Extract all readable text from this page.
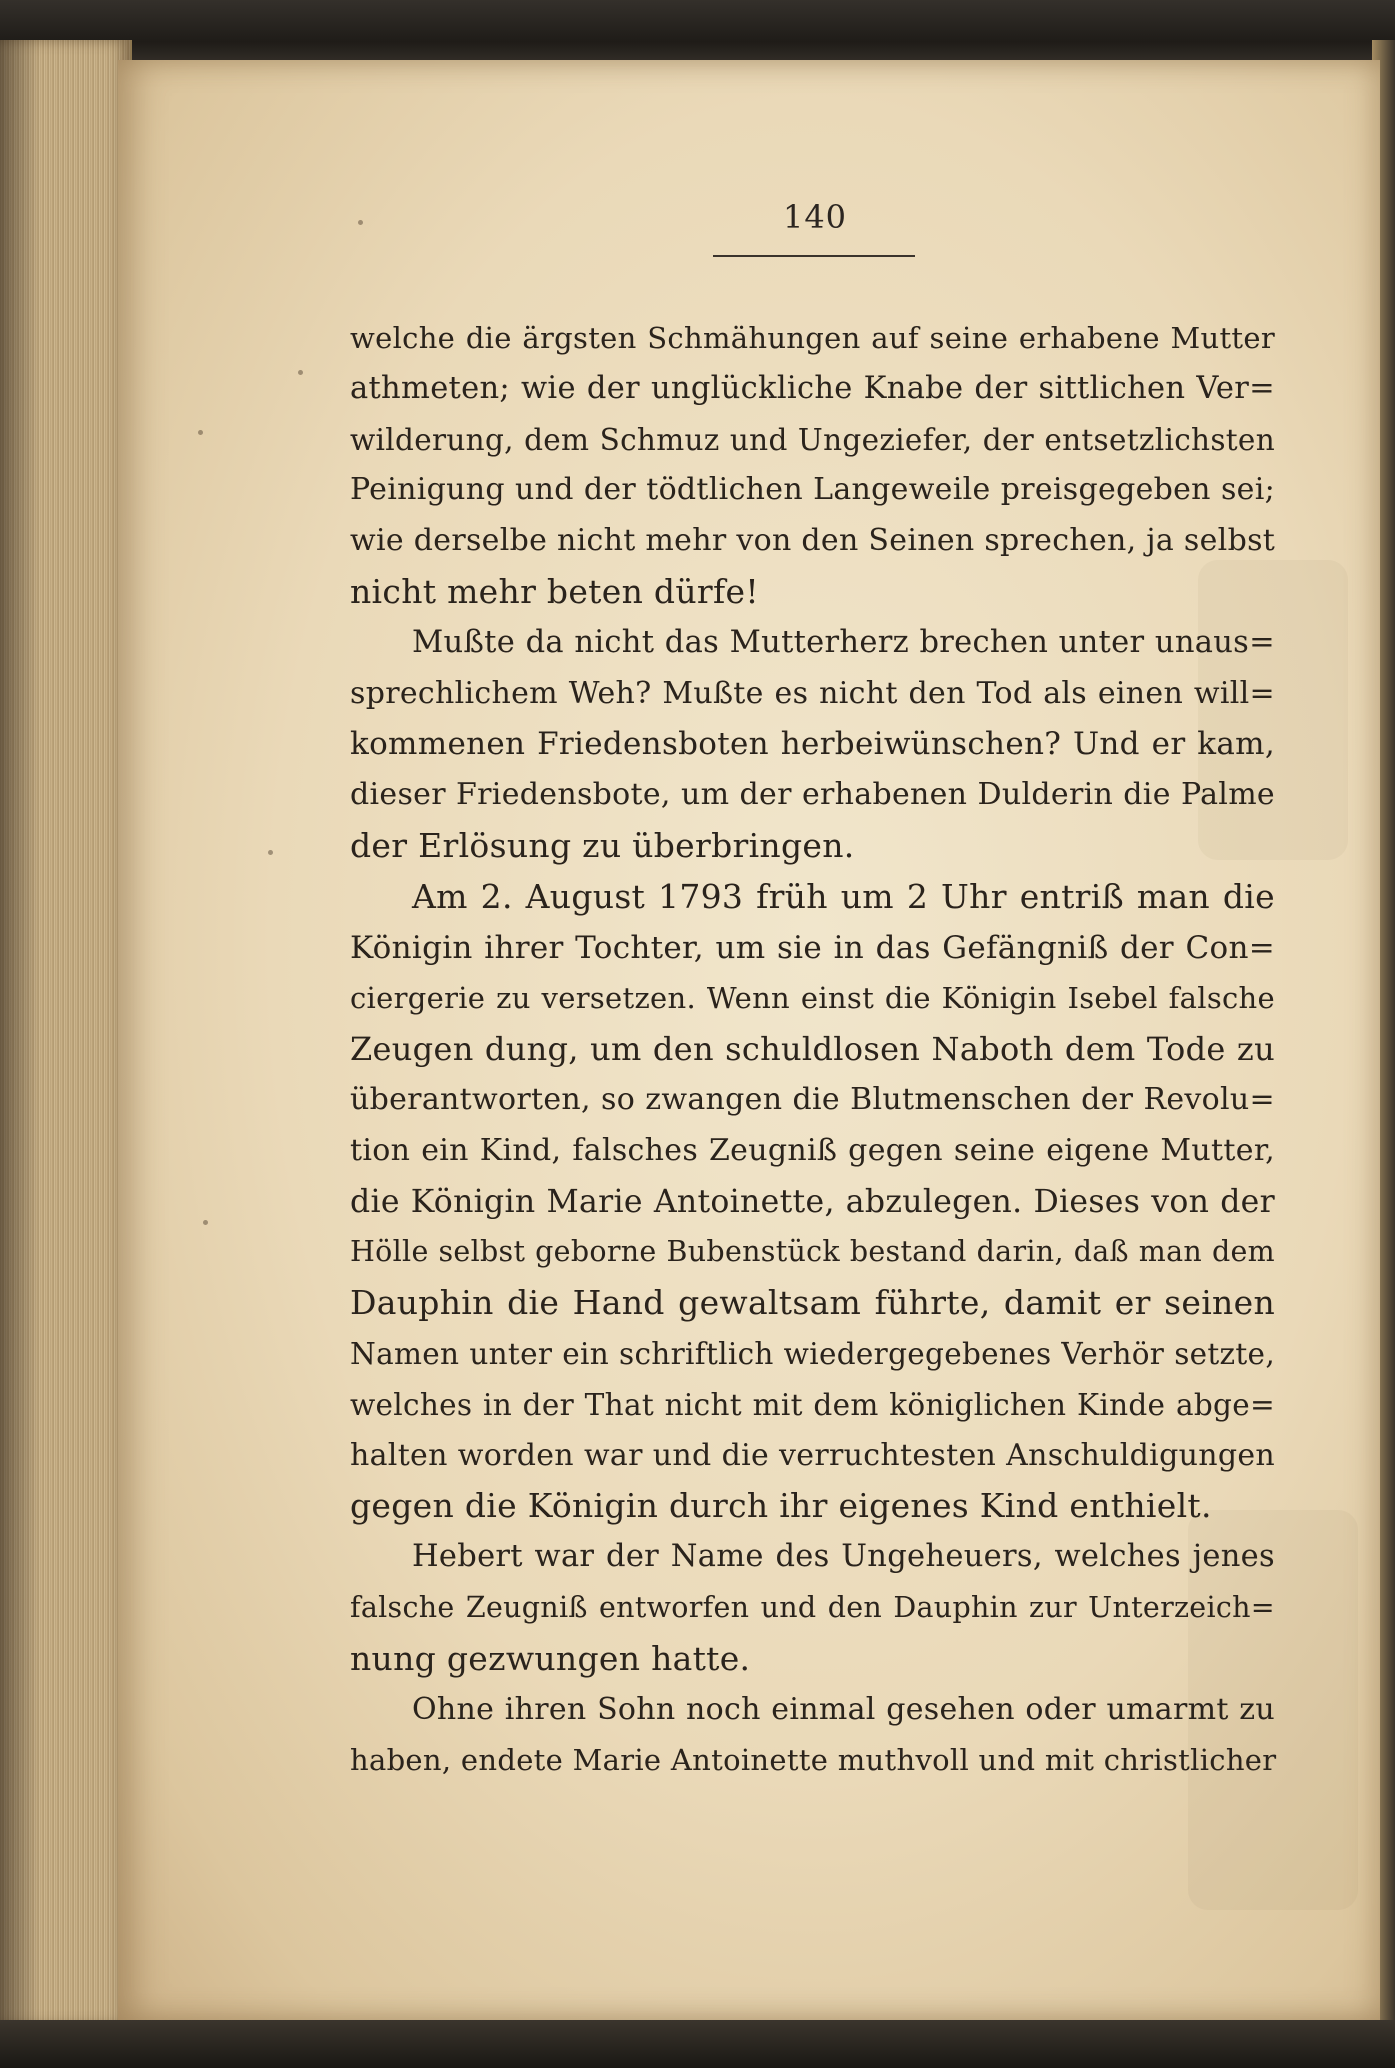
140
welche die ärgsten Schmähungen auf seine erhabene Mutter
athmeten; wie der unglückliche Knabe der sittlichen Ver=
wilderung, dem Schmuz und Ungeziefer, der entsetzlichsten
Peinigung und der tödtlichen Langeweile preisgegeben sei;
wie derselbe nicht mehr von den Seinen sprechen, ja selbst
nicht mehr beten dürfe!
Mußte da nicht das Mutterherz brechen unter unaus=
sprechlichem Weh? Mußte es nicht den Tod als einen will=
kommenen Friedensboten herbeiwünschen? Und er kam,
dieser Friedensbote, um der erhabenen Dulderin die Palme
der Erlösung zu überbringen.
Am 2. August 1793 früh um 2 Uhr entriß man die
Königin ihrer Tochter, um sie in das Gefängniß der Con=
ciergerie zu versetzen. Wenn einst die Königin Isebel falsche
Zeugen dung, um den schuldlosen Naboth dem Tode zu
überantworten, so zwangen die Blutmenschen der Revolu=
tion ein Kind, falsches Zeugniß gegen seine eigene Mutter,
die Königin Marie Antoinette, abzulegen. Dieses von der
Hölle selbst geborne Bubenstück bestand darin, daß man dem
Dauphin die Hand gewaltsam führte, damit er seinen
Namen unter ein schriftlich wiedergegebenes Verhör setzte,
welches in der That nicht mit dem königlichen Kinde abge=
halten worden war und die verruchtesten Anschuldigungen
gegen die Königin durch ihr eigenes Kind enthielt.
Hebert war der Name des Ungeheuers, welches jenes
falsche Zeugniß entworfen und den Dauphin zur Unterzeich=
nung gezwungen hatte.
Ohne ihren Sohn noch einmal gesehen oder umarmt zu
haben, endete Marie Antoinette muthvoll und mit christlicher
